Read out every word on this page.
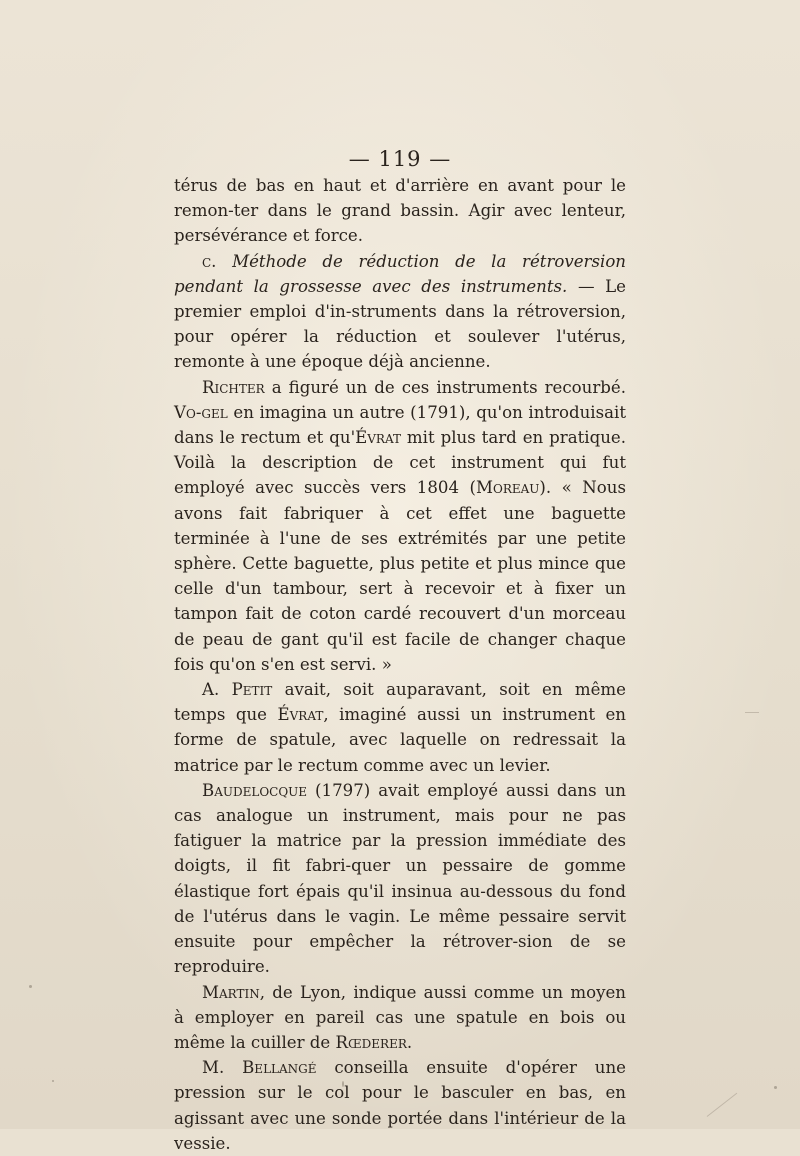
— 119 —

térus de bas en haut et d'arrière en avant pour le remon-ter dans le grand bassin. Agir avec lenteur, persévérance et force.

c. Méthode de réduction de la rétroversion pendant la grossesse avec des instruments. — Le premier emploi d'in-struments dans la rétroversion, pour opérer la réduction et soulever l'utérus, remonte à une époque déjà ancienne.

Richter a figuré un de ces instruments recourbé. Vo-gel en imagina un autre (1791), qu'on introduisait dans le rectum et qu'Évrat mit plus tard en pratique. Voilà la description de cet instrument qui fut employé avec succès vers 1804 (Moreau). « Nous avons fait fabriquer à cet effet une baguette terminée à l'une de ses extrémités par une petite sphère. Cette baguette, plus petite et plus mince que celle d'un tambour, sert à recevoir et à fixer un tampon fait de coton cardé recouvert d'un morceau de peau de gant qu'il est facile de changer chaque fois qu'on s'en est servi. »

A. Petit avait, soit auparavant, soit en même temps que Évrat, imaginé aussi un instrument en forme de spatule, avec laquelle on redressait la matrice par le rectum comme avec un levier.

Baudelocque (1797) avait employé aussi dans un cas analogue un instrument, mais pour ne pas fatiguer la matrice par la pression immédiate des doigts, il fit fabri-quer un pessaire de gomme élastique fort épais qu'il insinua au-dessous du fond de l'utérus dans le vagin. Le même pessaire servit ensuite pour empêcher la rétrover-sion de se reproduire.

Martin, de Lyon, indique aussi comme un moyen à employer en pareil cas une spatule en bois ou même la cuiller de Rœderer.

M. Bellangé conseilla ensuite d'opérer une pression sur le col pour le basculer en bas, en agissant avec une sonde portée dans l'intérieur de la vessie.
